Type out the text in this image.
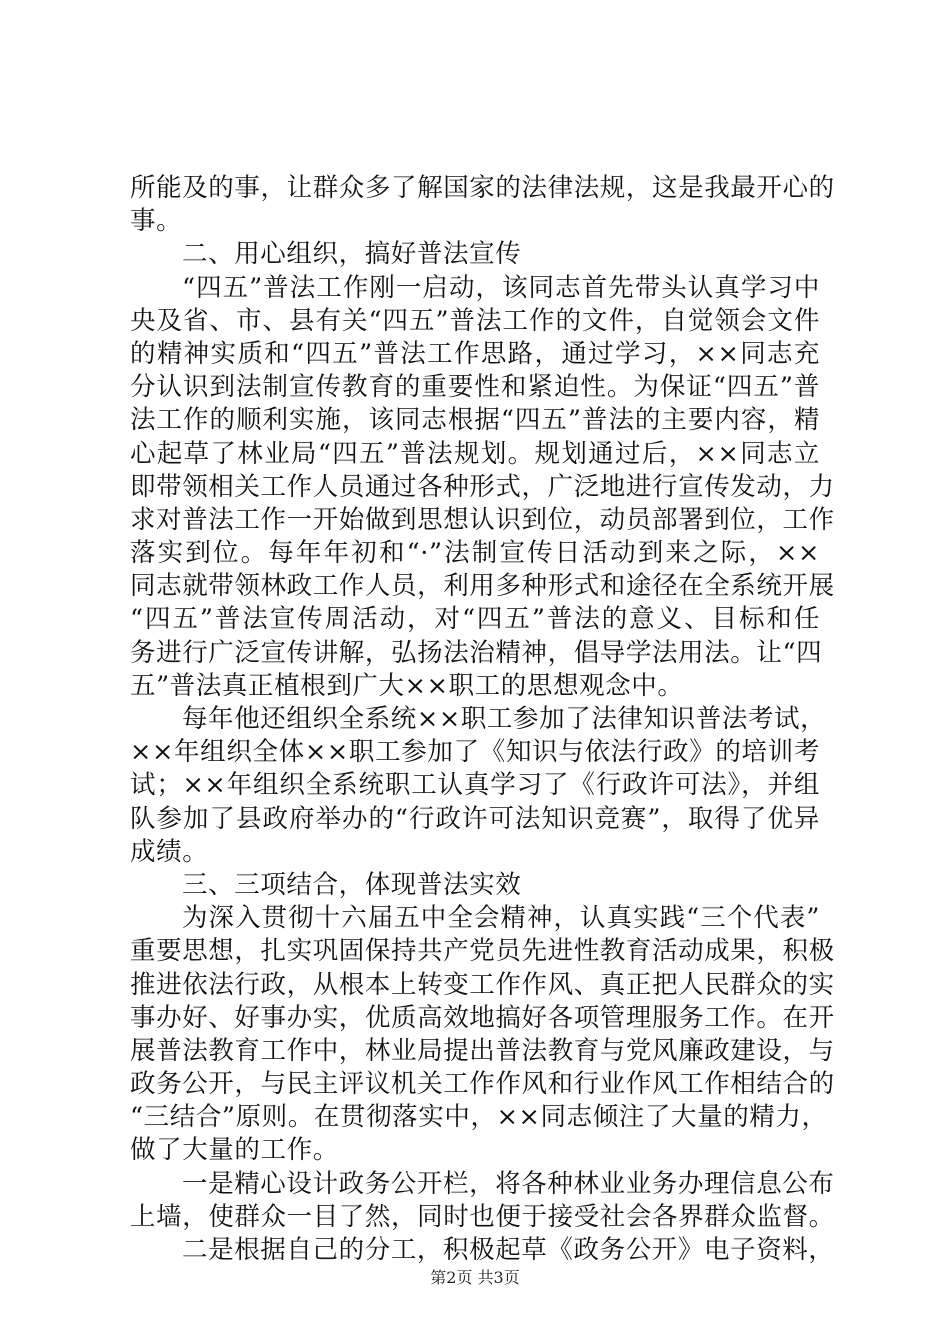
所能及的事，让群众多了解国家的法律法规，这是我最开心的
事。
二、用心组织，搞好普法宣传
“四五”普法工作刚一启动，该同志首先带头认真学习中
央及省、市、县有关“四五”普法工作的文件，自觉领会文件
的精神实质和“四五”普法工作思路，通过学习，××同志充
分认识到法制宣传教育的重要性和紧迫性。为保证“四五”普
法工作的顺利实施，该同志根据“四五”普法的主要内容，精
心起草了林业局“四五”普法规划。规划通过后，××同志立
即带领相关工作人员通过各种形式，广泛地进行宣传发动，力
求对普法工作一开始做到思想认识到位，动员部署到位，工作
落实到位。每年年初和“·”法制宣传日活动到来之际，××
同志就带领林政工作人员，利用多种形式和途径在全系统开展
“四五”普法宣传周活动，对“四五”普法的意义、目标和任
务进行广泛宣传讲解，弘扬法治精神，倡导学法用法。让“四
五”普法真正植根到广大××职工的思想观念中。
每年他还组织全系统××职工参加了法律知识普法考试，
××年组织全体××职工参加了《知识与依法行政》的培训考
试；××年组织全系统职工认真学习了《行政许可法》，并组
队参加了县政府举办的“行政许可法知识竞赛”，取得了优异
成绩。
三、三项结合，体现普法实效
为深入贯彻十六届五中全会精神，认真实践“三个代表”
重要思想，扎实巩固保持共产党员先进性教育活动成果，积极
推进依法行政，从根本上转变工作作风、真正把人民群众的实
事办好、好事办实，优质高效地搞好各项管理服务工作。在开
展普法教育工作中，林业局提出普法教育与党风廉政建设，与
政务公开，与民主评议机关工作作风和行业作风工作相结合的
“三结合”原则。在贯彻落实中，××同志倾注了大量的精力，
做了大量的工作。
一是精心设计政务公开栏，将各种林业业务办理信息公布
上墙，使群众一目了然，同时也便于接受社会各界群众监督。
二是根据自己的分工，积极起草《政务公开》电子资料，
第2页 共3页
